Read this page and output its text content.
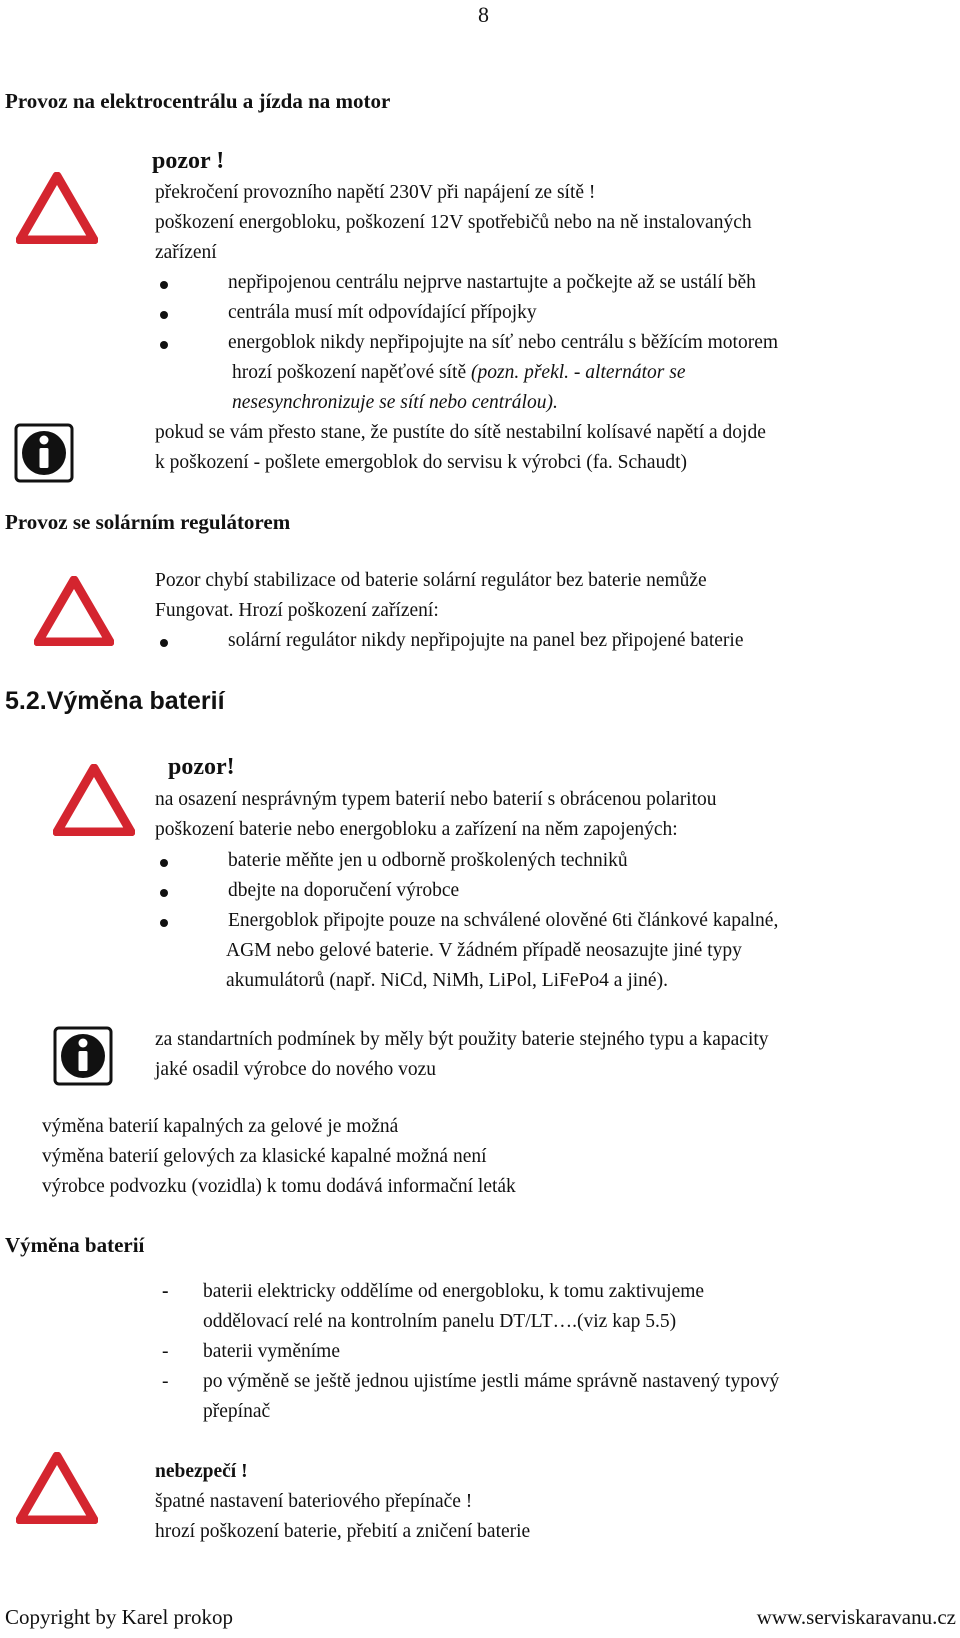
8
Provoz na elektrocentrálu a jízda na motor
pozor !
překročení provozního napětí 230V při napájení ze sítě !
poškození energobloku, poškození 12V spotřebičů nebo na ně instalovaných
zařízení
nepřipojenou centrálu nejprve nastartujte a počkejte až se ustálí běh
centrála musí mít odpovídající přípojky
energoblok nikdy nepřipojujte na síť nebo centrálu s běžícím motorem
hrozí poškození napěťové sítě (pozn. překl. - alternátor se
nesesynchronizuje se sítí nebo centrálou).
pokud se vám přesto stane, že pustíte do sítě nestabilní kolísavé napětí a dojde
k poškození - pošlete emergoblok do servisu k výrobci (fa. Schaudt)
Provoz se solárním regulátorem
Pozor chybí stabilizace od baterie solární regulátor bez baterie nemůže
Fungovat. Hrozí poškození zařízení:
solární regulátor nikdy nepřipojujte na panel bez připojené baterie
5.2.Výměna baterií
pozor!
na osazení nesprávným typem baterií nebo baterií s obrácenou polaritou
poškození baterie nebo energobloku a zařízení na něm zapojených:
baterie měňte jen u odborně proškolených techniků
dbejte na doporučení výrobce
Energoblok připojte pouze na schválené olověné 6ti článkové kapalné,
AGM nebo gelové baterie. V žádném případě neosazujte jiné typy
akumulátorů (např. NiCd, NiMh, LiPol, LiFePo4 a jiné).
za standartních podmínek by měly být použity baterie stejného typu a kapacity
jaké osadil výrobce do nového vozu
výměna baterií kapalných za gelové je možná
výměna baterií gelových za klasické kapalné možná není
výrobce podvozku (vozidla) k tomu dodává informační leták
Výměna baterií
- baterii elektricky oddělíme od energobloku, k tomu zaktivujeme
oddělovací relé na kontrolním panelu DT/LT….(viz kap 5.5)
- baterii vyměníme
- po výměně se ještě jednou ujistíme jestli máme správně nastavený typový
přepínač
nebezpečí !
špatné nastavení bateriového přepínače !
hrozí poškození baterie, přebití a zničení baterie
Copyright by Karel prokop	www.serviskaravanu.cz
